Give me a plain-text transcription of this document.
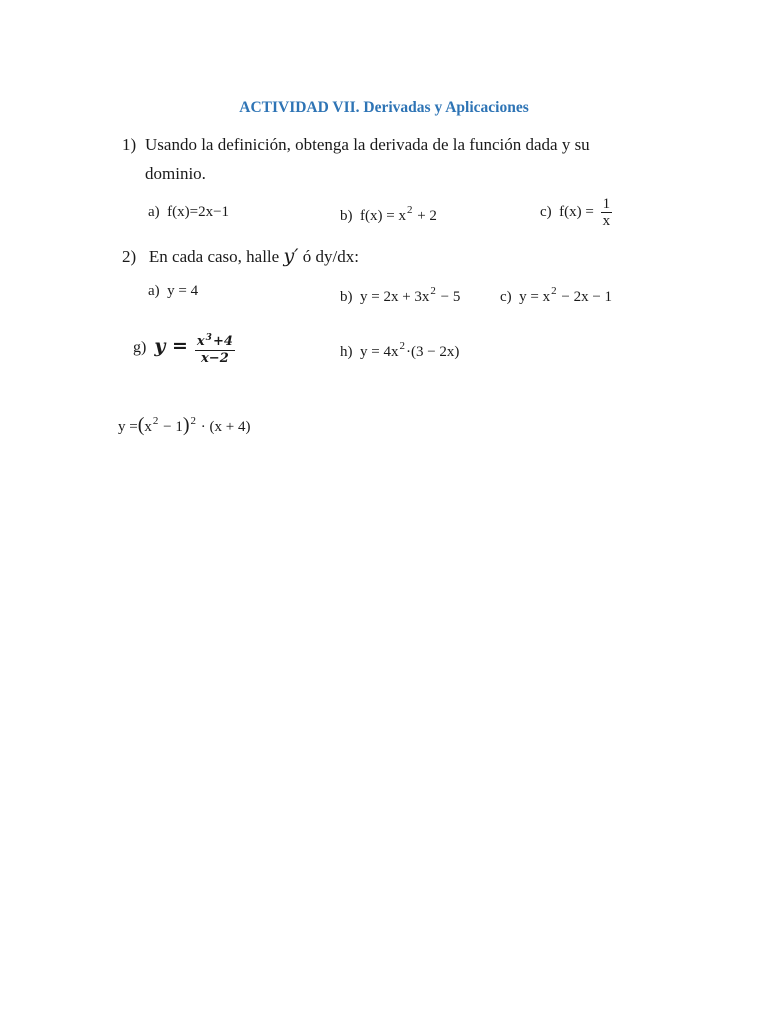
ACTIVIDAD VII. Derivadas y Aplicaciones
1) Usando la definición, obtenga la derivada de la función dada y su
dominio.
a) f(x)=2x−1	b) $f(x) = x^2 + 2$	c) $f(x) = \frac{1}{x}$
2) En cada caso, halle y′ ó dy/dx:
a) y = 4	b) $y = 2x + 3x^2 - 5$	c) $y = x^2 - 2x - 1$
g) $y = \frac{x^3+4}{x-2}$	h) $y = 4x^2\cdot(3 - 2x)$
$y =(x^2 - 1)^2 \cdot (x + 4)$
